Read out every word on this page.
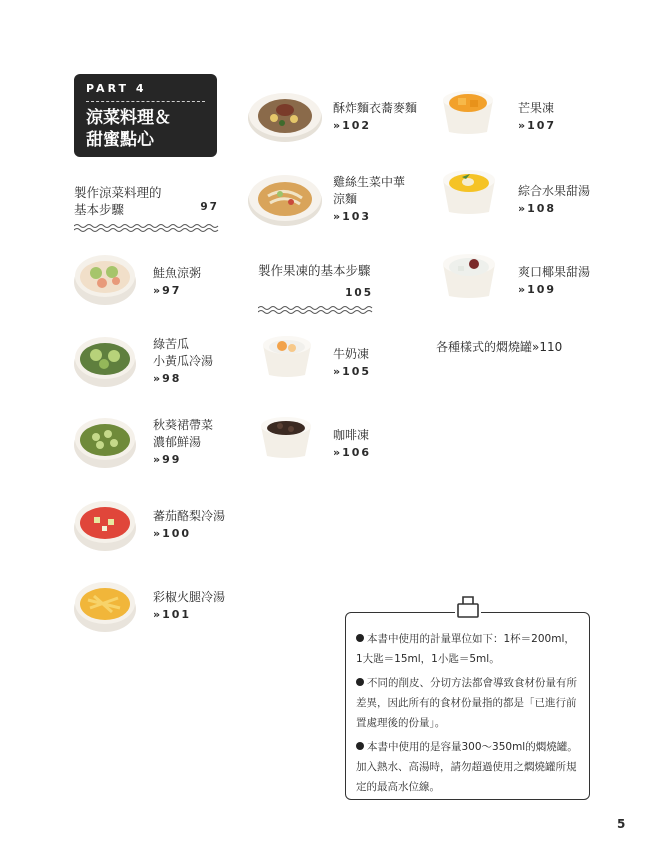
PART 4
涼菜料理＆
甜蜜點心
製作涼菜料理的
基本步驟	97
製作果凍的基本步驟
105
鮭魚涼粥
»97
綠苦瓜
小黃瓜冷湯
»98
秋葵裙帶菜
濃郁鮮湯
»99
蕃茄酪梨冷湯
»100
彩椒火腿冷湯
»101
酥炸麵衣蕎麥麵
»102
雞絲生菜中華
涼麵
»103
牛奶凍
»105
咖啡凍
»106
芒果凍
»107
綜合水果甜湯
»108
爽口椰果甜湯
»109
各種樣式的燜燒罐»110
本書中使用的計量單位如下：1杯＝200ml，
1大匙＝15ml，1小匙＝5ml。
不同的削皮、分切方法都會導致食材份量有所
差異，因此所有的食材份量指的都是「已進行前
置處理後的份量」。
本書中使用的是容量300～350ml的燜燒罐。
加入熱水、高湯時，請勿超過使用之燜燒罐所規
定的最高水位線。
5
